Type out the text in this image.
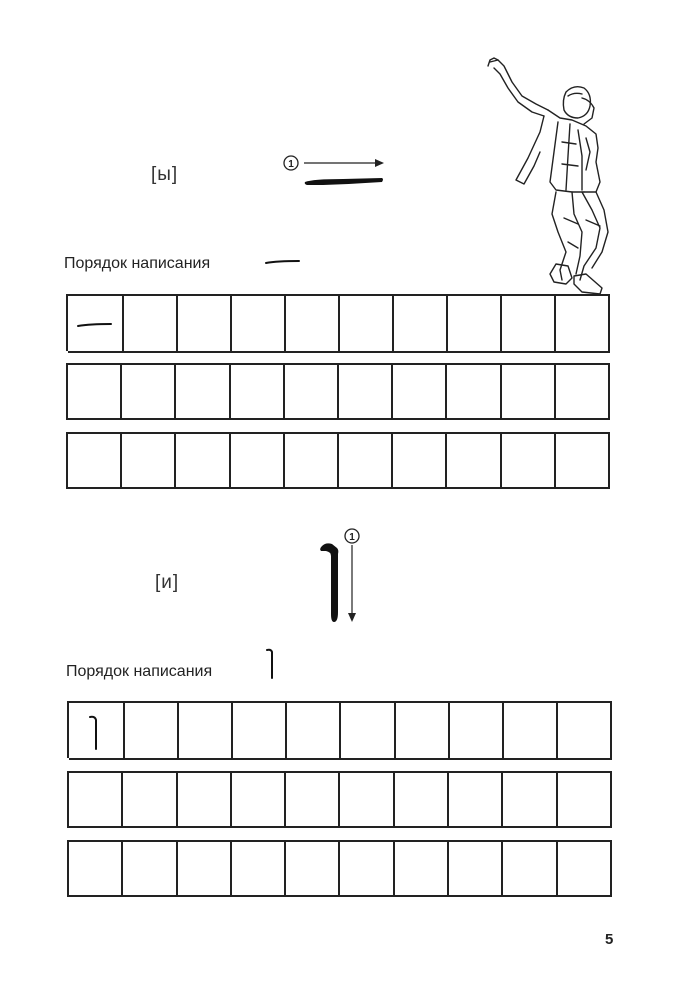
[ы]	1
Порядок написания
[и]
1
Порядок написания
5
